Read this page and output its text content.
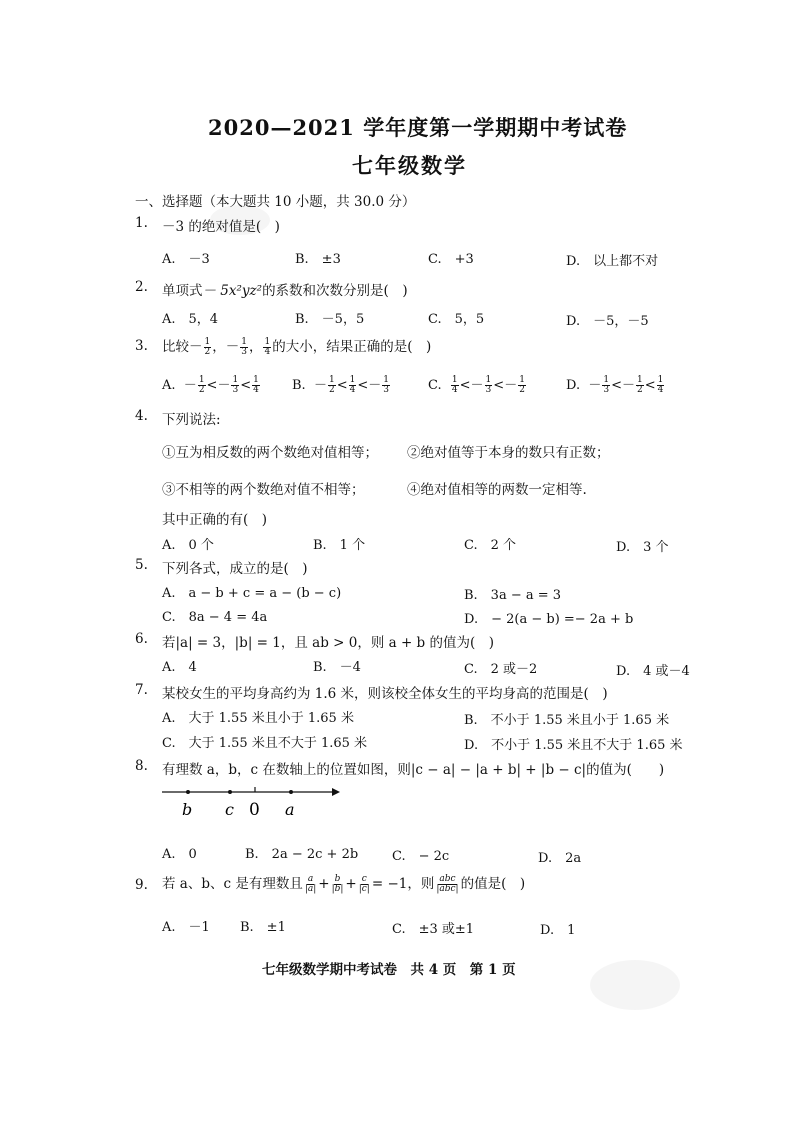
2020—2021 学年度第一学期期中考试卷
七年级数学
一、选择题（本大题共 10 小题，共 30.0 分）
1. －3 的绝对值是(　)
A.　－3	B.　±3	C.　+3	D.　以上都不对
2. 单项式－ 5x²yz²的系数和次数分别是(　)
A.　5，4	B.　－5，5	C.　5，5	D.　－5，－5
3. 比较－ $\frac{1}{2}$ ，－ $\frac{1}{3}$ ， $\frac{1}{4}$ 的大小，结果正确的是(　)
A. － $\frac{1}{2} <- \frac{1}{3} < \frac{1}{4} B$. － $\frac{1}{2} < \frac{1}{4} <- \frac{1}{3}$	C. $\frac{1}{4} <- \frac{1}{3} <- \frac{1}{2}$	D. － $\frac{1}{3} <- \frac{1}{2} < \frac{1}{4}$
4. 下列说法:
①互为相反数的两个数绝对值相等； ②绝对值等于本身的数只有正数；
③不相等的两个数绝对值不相等；	④绝对值相等的两数一定相等.
其中正确的有(　)
A.　0 个	B.　1 个	C.　2 个	D.　3 个
5. 下列各式，成立的是(　)
A.　a − b + c = a − (b − c)	B.　3a − a = 3
C.　8a − 4 = 4a	D.　− 2(a − b) =− 2a + b
6. 若|a| = 3，|b| = 1，且 ab > 0，则 a + b 的值为(　)
A.　4	B.　－4	C.　2 或－2	D.　4 或－4
7. 某校女生的平均身高约为 1.6 米，则该校全体女生的平均身高的范围是(　)
A.　大于 1.55 米且小于 1.65 米	B.　不小于 1.55 米且小于 1.65 米
C.　大于 1.55 米且不大于 1.65 米	D.　不小于 1.55 米且不大于 1.65 米
8. 有理数 a，b，c 在数轴上的位置如图，则|c − a| − |a + b| + |b − c|的值为(　　)
b c 0 a
A.　0	B.　2a − 2c + 2b	C.　− 2c	D.　2a
9. 若 a、b、c 是有理数且 $\frac{a}{|a|} + \frac{b}{|b|} + \frac{c}{|c|} = -1$，则 $\frac{\text{abc}}{\text{|abc|}}$ 的值是(　)
A.　－1 B.　±1	C.　±3 或±1	D.　1
七年级数学期中考试卷　共 4 页　第 1 页
